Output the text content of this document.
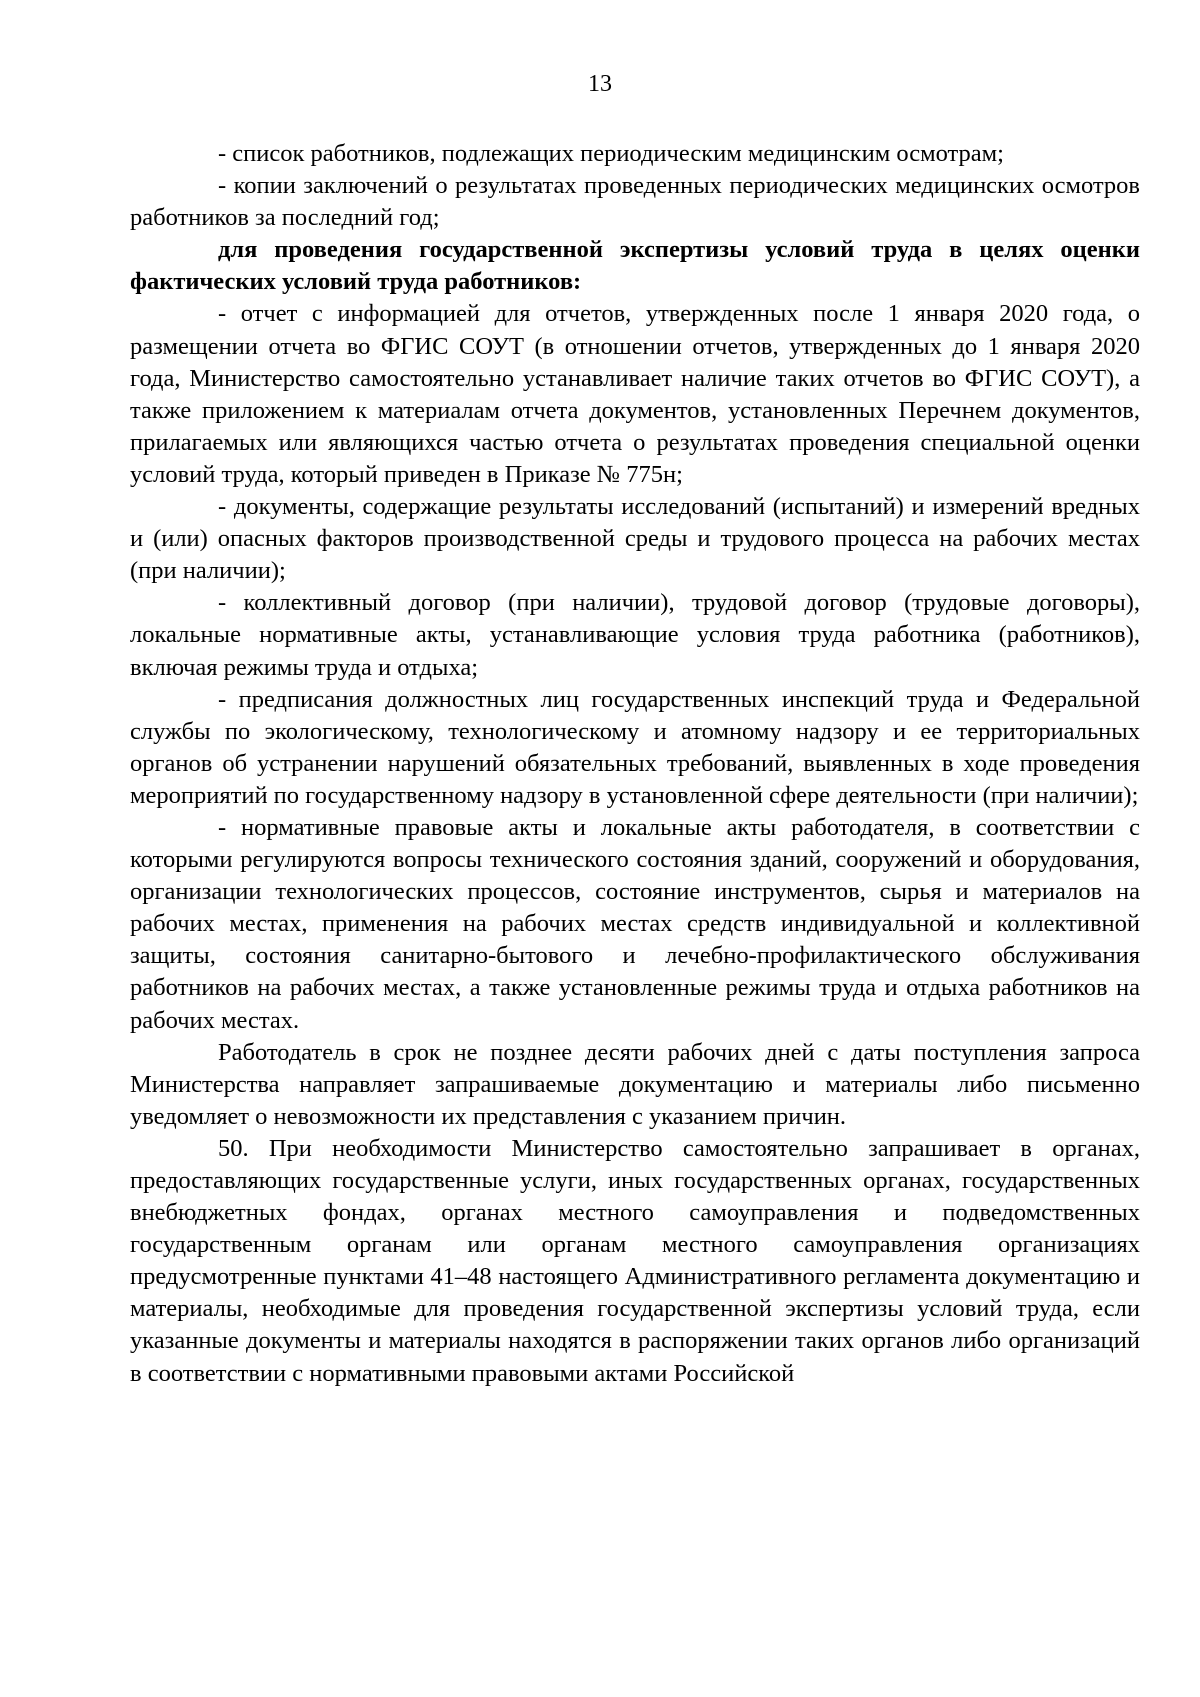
13

- список работников, подлежащих периодическим медицинским осмотрам;

- копии заключений о результатах проведенных периодических медицинских осмотров работников за последний год;

для проведения государственной экспертизы условий труда в целях оценки фактических условий труда работников:

- отчет с информацией для отчетов, утвержденных после 1 января 2020 года, о размещении отчета во ФГИС СОУТ (в отношении отчетов, утвержденных до 1 января 2020 года, Министерство самостоятельно устанавливает наличие таких отчетов во ФГИС СОУТ), а также приложением к материалам отчета документов, установленных Перечнем документов, прилагаемых или являющихся частью отчета о результатах проведения специальной оценки условий труда, который приведен в Приказе № 775н;

- документы, содержащие результаты исследований (испытаний) и измерений вредных и (или) опасных факторов производственной среды и трудового процесса на рабочих местах (при наличии);

- коллективный договор (при наличии), трудовой договор (трудовые договоры), локальные нормативные акты, устанавливающие условия труда работника (работников), включая режимы труда и отдыха;

- предписания должностных лиц государственных инспекций труда и Федеральной службы по экологическому, технологическому и атомному надзору и ее территориальных органов об устранении нарушений обязательных требований, выявленных в ходе проведения мероприятий по государственному надзору в установленной сфере деятельности (при наличии);

- нормативные правовые акты и локальные акты работодателя, в соответствии с которыми регулируются вопросы технического состояния зданий, сооружений и оборудования, организации технологических процессов, состояние инструментов, сырья и материалов на рабочих местах, применения на рабочих местах средств индивидуальной и коллективной защиты, состояния санитарно-бытового и лечебно-профилактического обслуживания работников на рабочих местах, а также установленные режимы труда и отдыха работников на рабочих местах.

Работодатель в срок не позднее десяти рабочих дней с даты поступления запроса Министерства направляет запрашиваемые документацию и материалы либо письменно уведомляет о невозможности их представления с указанием причин.

50. При необходимости Министерство самостоятельно запрашивает в органах, предоставляющих государственные услуги, иных государственных органах, государственных внебюджетных фондах, органах местного самоуправления и подведомственных государственным органам или органам местного самоуправления организациях предусмотренные пунктами 41–48 настоящего Административного регламента документацию и материалы, необходимые для проведения государственной экспертизы условий труда, если указанные документы и материалы находятся в распоряжении таких органов либо организаций в соответствии с нормативными правовыми актами Российской
